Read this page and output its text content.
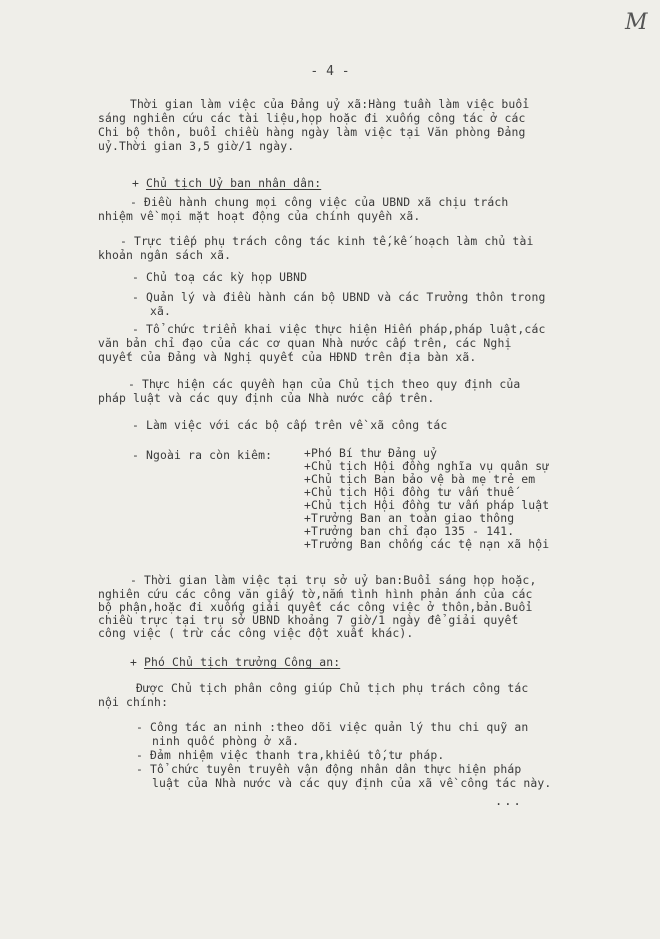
M
- 4 -
Thời gian làm việc của Đảng uỷ xã:Hàng tuần làm việc buổi
sáng nghiên cứu các tài liệu,họp hoặc đi xuống công tác ở các
Chi bộ thôn, buổi chiều hàng ngày làm việc tại Văn phòng Đảng
uỷ.Thời gian 3,5 giờ/1 ngày.
+ Chủ tịch Uỷ ban nhân dân:
- Điều hành chung mọi công việc của UBND xã chịu trách
nhiệm về mọi mặt hoạt động của chính quyền xã.
- Trực tiếp phụ trách công tác kinh tế,kế hoạch làm chủ tài
khoản ngân sách xã.
- Chủ toạ các kỳ họp UBND
- Quản lý và điều hành cán bộ UBND và các Trưởng thôn trong
xã.
- Tổ chức triển khai việc thực hiện Hiến pháp,pháp luật,các
văn bản chỉ đạo của các cơ quan Nhà nước cấp trên, các Nghị
quyết của Đảng và Nghị quyết của HĐND trên địa bàn xã.
- Thực hiện các quyền hạn của Chủ tịch theo quy định của
pháp luật và các quy định của Nhà nước cấp trên.
- Làm việc với các bộ cấp trên về xã công tác
- Ngoài ra còn kiêm:	+Phó Bí thư Đảng uỷ
+Chủ tịch Hội đồng nghĩa vụ quân sự
+Chủ tịch Ban bảo vệ bà mẹ trẻ em
+Chủ tịch Hội đồng tư vấn thuế
+Chủ tịch Hội đồng tư vấn pháp luật
+Trưởng Ban an toàn giao thông
+Trưởng ban chỉ đạo 135 - 141.
+Trưởng Ban chống các tệ nạn xã hội
- Thời gian làm việc tại trụ sở uỷ ban:Buổi sáng họp hoặc,
nghiên cứu các công văn giấy tờ,nắm tình hình phản ánh của các
bộ phận,hoặc đi xuống giải quyết các công việc ở thôn,bản.Buổi
chiều trực tại trụ sở UBND khoảng 7 giờ/1 ngày để giải quyết
công việc ( trừ các công việc đột xuất khác).
+ Phó Chủ tịch trưởng Công an:
Được Chủ tịch phân công giúp Chủ tịch phụ trách công tác
nội chính:
- Công tác an ninh :theo dõi việc quản lý thu chi quỹ an
ninh quốc phòng ở xã.
- Đảm nhiệm việc thanh tra,khiếu tố,tư pháp.
- Tổ chức tuyên truyền vận động nhân dân thực hiện pháp
luật của Nhà nước và các quy định của xã về công tác này.
...
